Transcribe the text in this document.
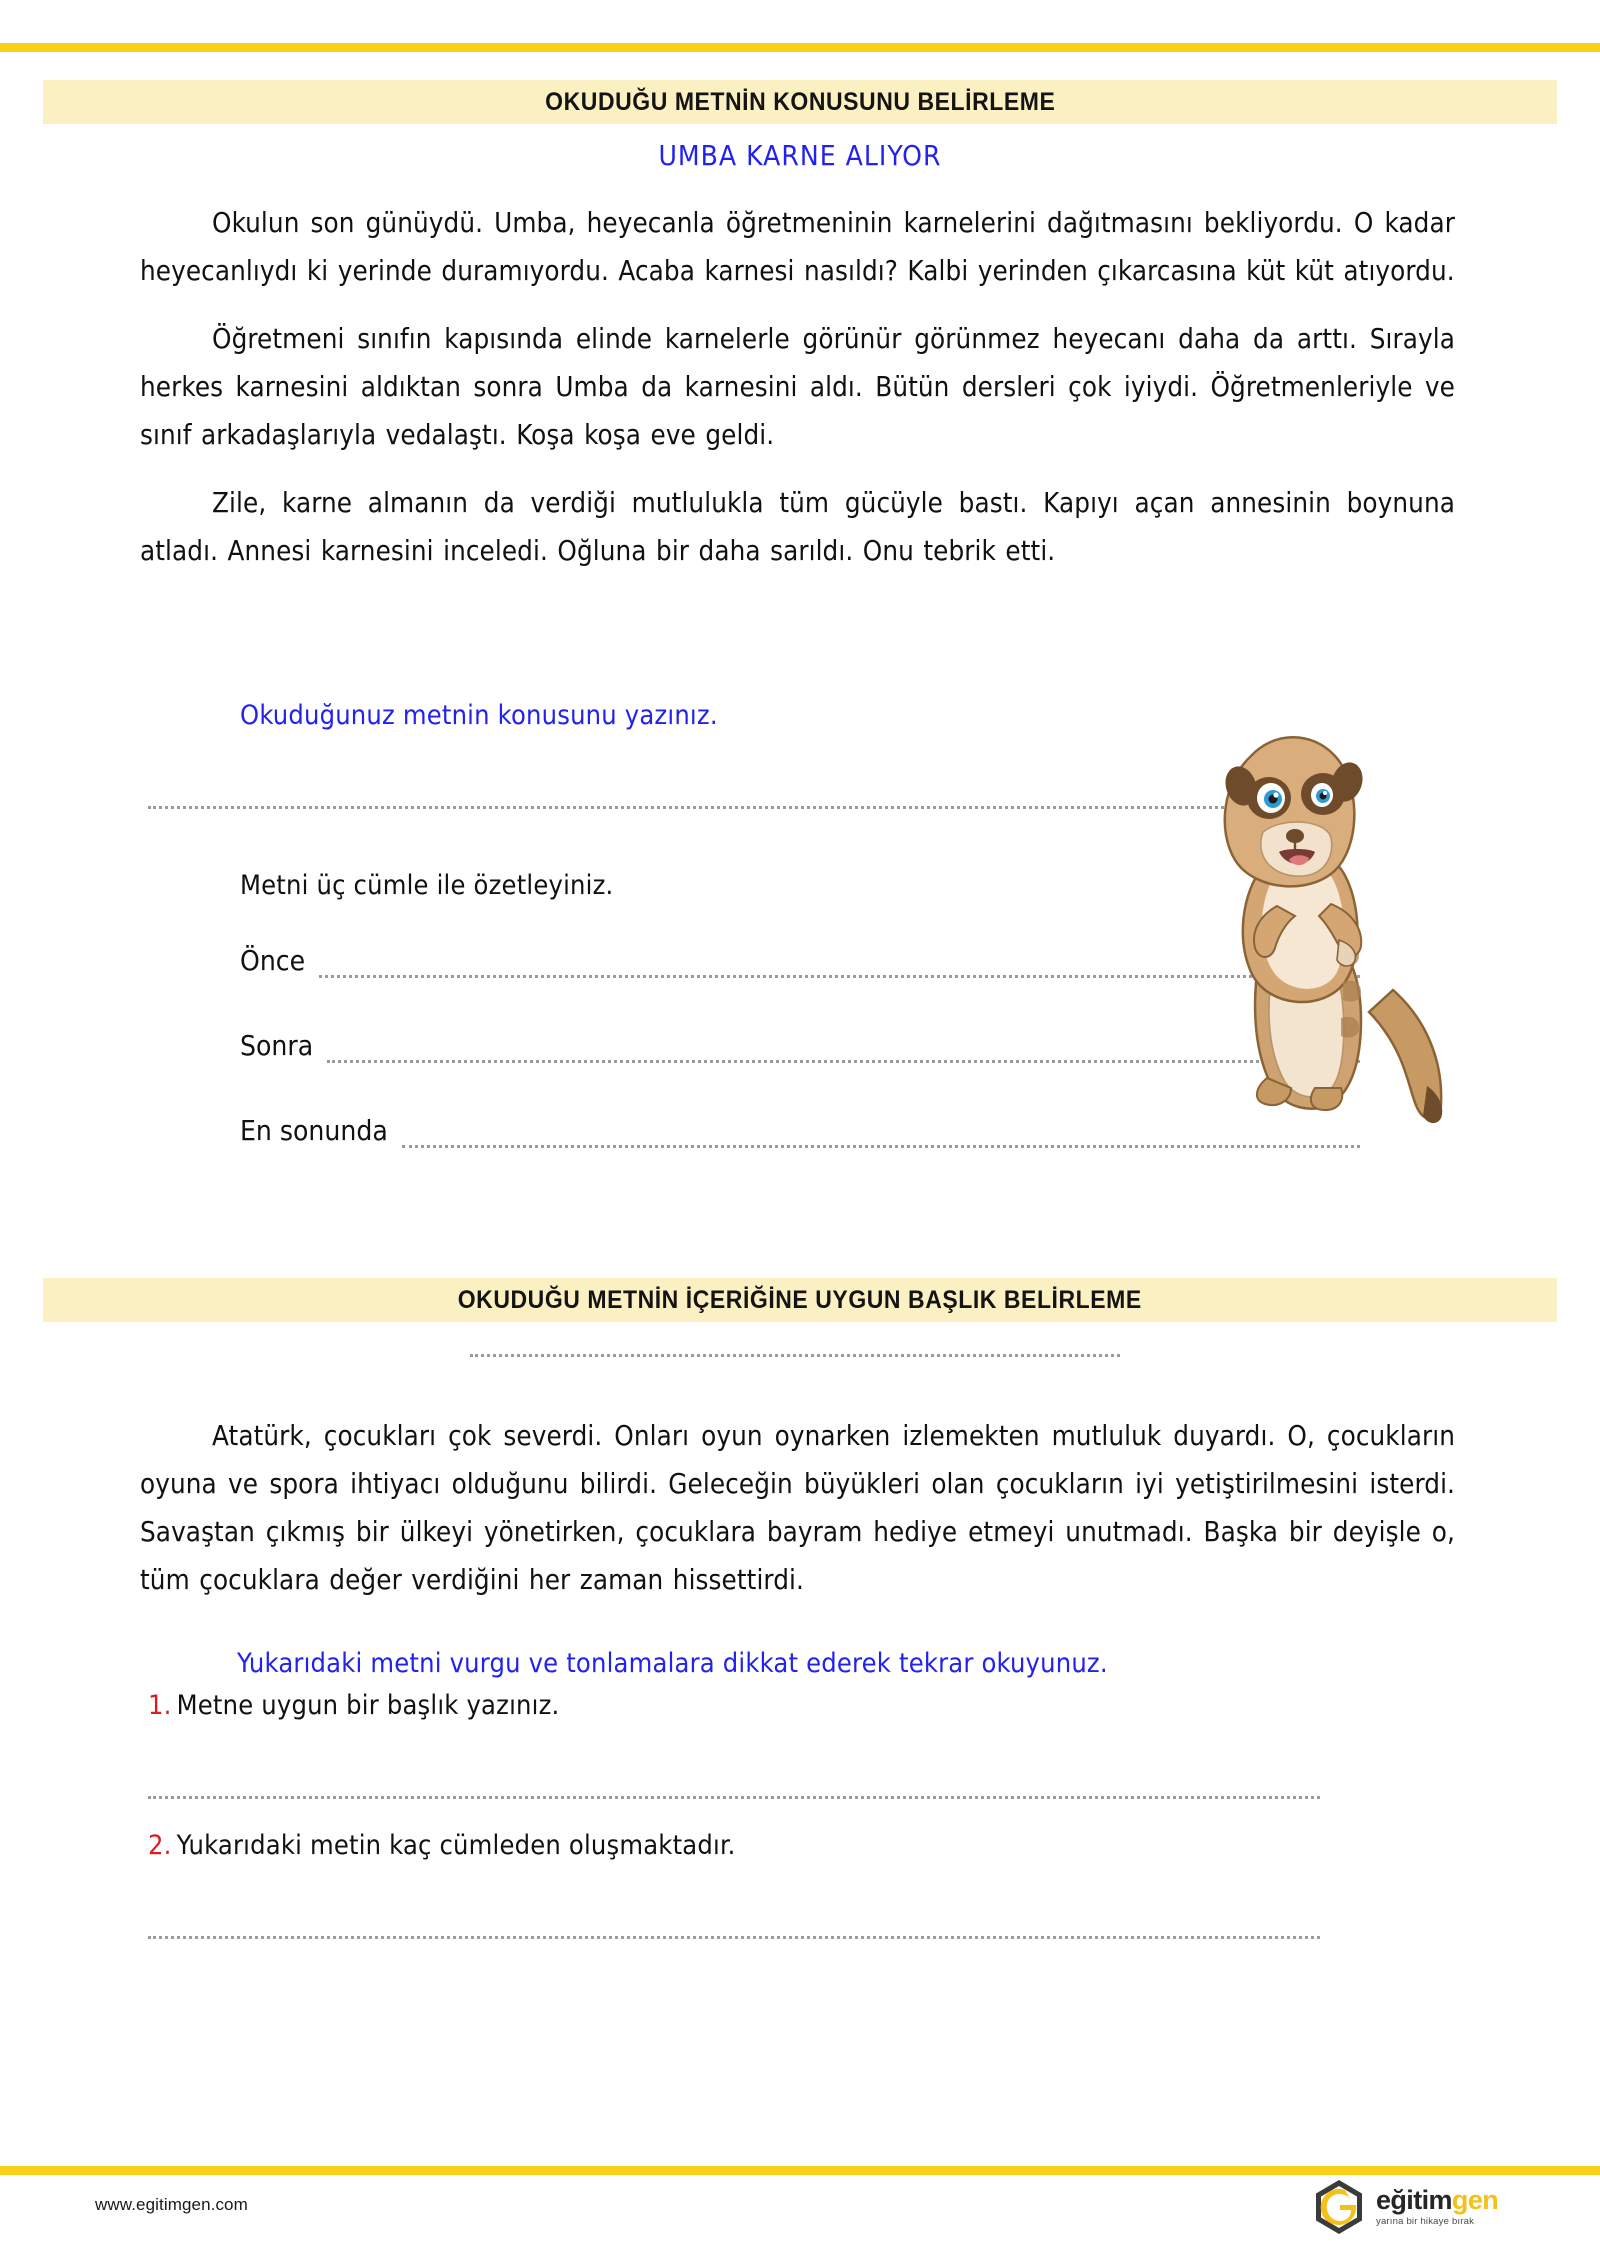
OKUDUĞU METNİN KONUSUNU BELİRLEME
UMBA KARNE ALIYOR

Okulun son günüydü. Umba, heyecanla öğretmeninin karnelerini dağıtmasını bekliyordu. O kadar heyecanlıydı ki yerinde duramıyordu. Acaba karnesi nasıldı? Kalbi yerinden çıkarcasına küt küt atıyordu.

Öğretmeni sınıfın kapısında elinde karnelerle görünür görünmez heyecanı daha da arttı. Sırayla herkes karnesini aldıktan sonra Umba da karnesini aldı. Bütün dersleri çok iyiydi. Öğretmenleriyle ve sınıf arkadaşlarıyla vedalaştı. Koşa koşa eve geldi.

Zile, karne almanın da verdiği mutlulukla tüm gücüyle bastı. Kapıyı açan annesinin boynuna atladı. Annesi karnesini inceledi. Oğluna bir daha sarıldı. Onu tebrik etti.

Okuduğunuz metnin konusunu yazınız.
Metni üç cümle ile özetleyiniz.
Önce
Sonra
En sonunda
OKUDUĞU METNİN İÇERİĞİNE UYGUN BAŞLIK BELİRLEME

Atatürk, çocukları çok severdi. Onları oyun oynarken izlemekten mutluluk duyardı. O, çocukların oyuna ve spora ihtiyacı olduğunu bilirdi. Geleceğin büyükleri olan çocukların iyi yetiştirilmesini isterdi. Savaştan çıkmış bir ülkeyi yönetirken, çocuklara bayram hediye etmeyi unutmadı. Başka bir deyişle o, tüm çocuklara değer verdiğini her zaman hissettirdi.

Yukarıdaki metni vurgu ve tonlamalara dikkat ederek tekrar okuyunuz.
1. Metne uygun bir başlık yazınız.
2. Yukarıdaki metin kaç cümleden oluşmaktadır.
www.egitimgen.com	eğitimgen
yarına bir hikaye bırak
